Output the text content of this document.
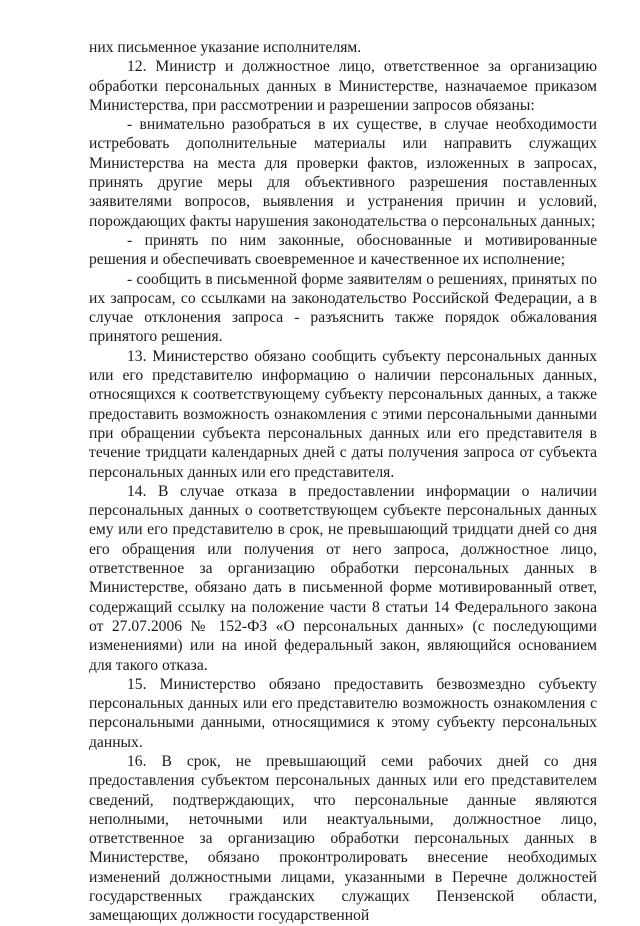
них письменное указание исполнителям.

12. Министр и должностное лицо, ответственное за организацию обработки персональных данных в Министерстве, назначаемое приказом Министерства, при рассмотрении и разрешении запросов обязаны:

- внимательно разобраться в их существе, в случае необходимости истребовать дополнительные материалы или направить служащих Министерства на места для проверки фактов, изложенных в запросах, принять другие меры для объективного разрешения поставленных заявителями вопросов, выявления и устранения причин и условий, порождающих факты нарушения законодательства о персональных данных;

- принять по ним законные, обоснованные и мотивированные решения и обеспечивать своевременное и качественное их исполнение;

- сообщить в письменной форме заявителям о решениях, принятых по их запросам, со ссылками на законодательство Российской Федерации, а в случае отклонения запроса - разъяснить также порядок обжалования принятого решения.

13. Министерство обязано сообщить субъекту персональных данных или его представителю информацию о наличии персональных данных, относящихся к соответствующему субъекту персональных данных, а также предоставить возможность ознакомления с этими персональными данными при обращении субъекта персональных данных или его представителя в течение тридцати календарных дней с даты получения запроса от субъекта персональных данных или его представителя.

14. В случае отказа в предоставлении информации о наличии персональных данных о соответствующем субъекте персональных данных ему или его представителю в срок, не превышающий тридцати дней со дня его обращения или получения от него запроса, должностное лицо, ответственное за организацию обработки персональных данных в Министерстве, обязано дать в письменной форме мотивированный ответ, содержащий ссылку на положение части 8 статьи 14 Федерального закона от 27.07.2006 № 152-ФЗ «О персональных данных» (с последующими изменениями) или на иной федеральный закон, являющийся основанием для такого отказа.

15. Министерство обязано предоставить безвозмездно субъекту персональных данных или его представителю возможность ознакомления с персональными данными, относящимися к этому субъекту персональных данных.

16. В срок, не превышающий семи рабочих дней со дня предоставления субъектом персональных данных или его представителем сведений, подтверждающих, что персональные данные являются неполными, неточными или неактуальными, должностное лицо, ответственное за организацию обработки персональных данных в Министерстве, обязано проконтролировать внесение необходимых изменений должностными лицами, указанными в Перечне должностей государственных гражданских служащих Пензенской области, замещающих должности государственной
